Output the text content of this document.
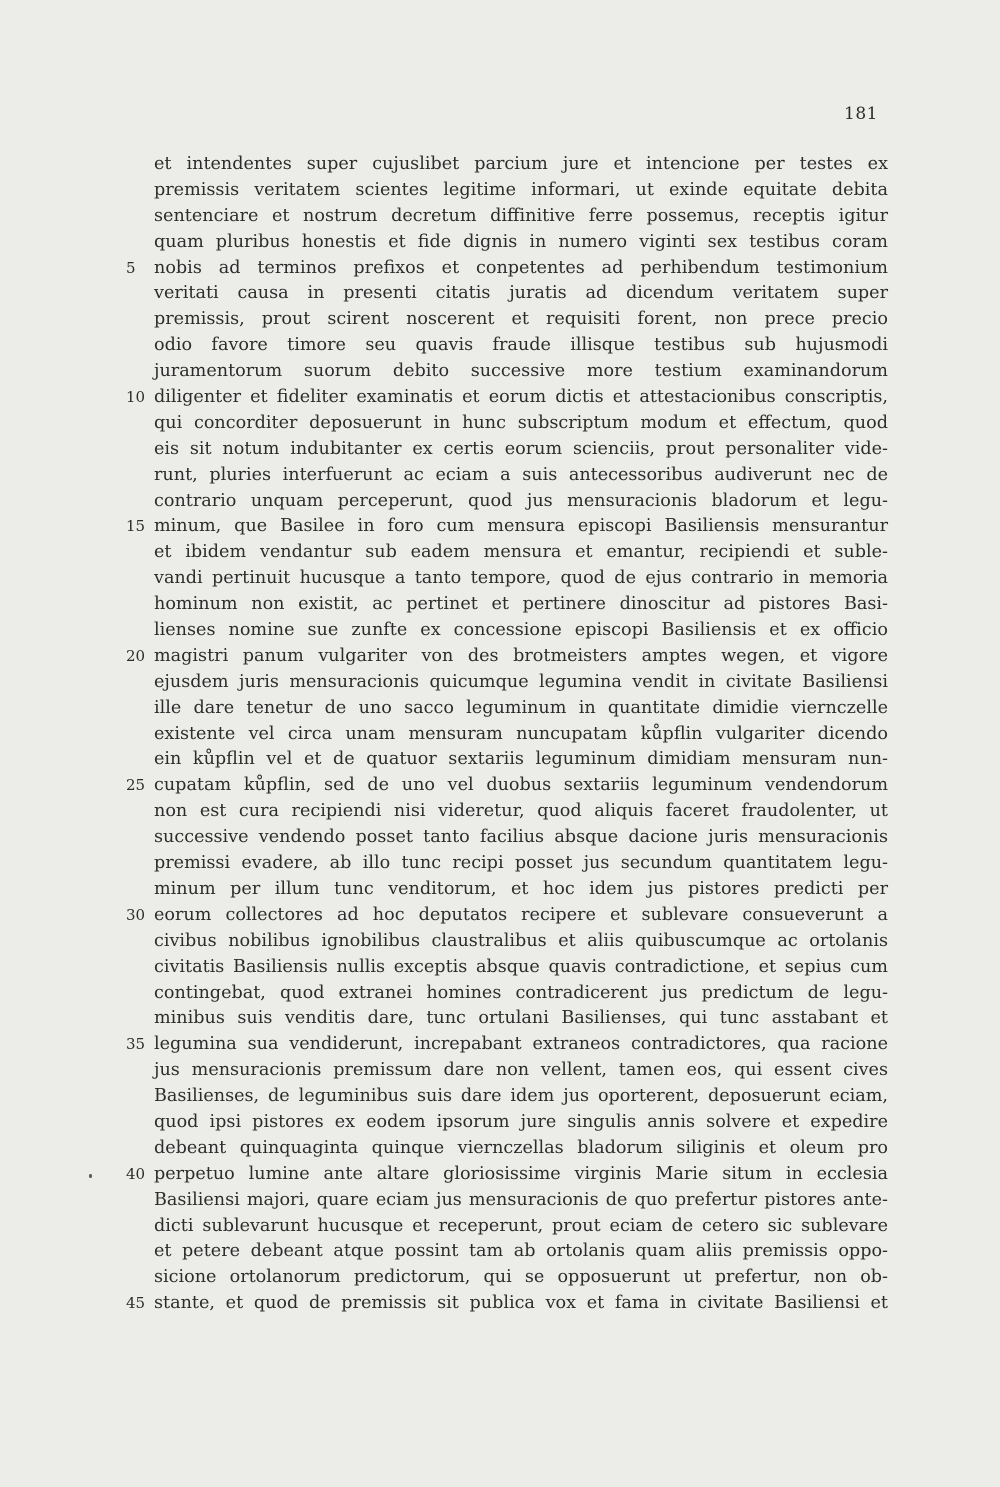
181
et intendentes super cujuslibet parcium jure et intencione per testes ex
premissis veritatem scientes legitime informari, ut exinde equitate debita
sentenciare et nostrum decretum diffinitive ferre possemus, receptis igitur
quam pluribus honestis et fide dignis in numero viginti sex testibus coram
5	nobis ad terminos prefixos et conpetentes ad perhibendum testimonium
veritati causa in presenti citatis juratis ad dicendum veritatem super
premissis, prout scirent noscerent et requisiti forent, non prece precio
odio favore timore seu quavis fraude illisque testibus sub hujusmodi
juramentorum suorum debito successive more testium examinandorum
10 diligenter et fideliter examinatis et eorum dictis et attestacionibus conscriptis,
qui concorditer deposuerunt in hunc subscriptum modum et effectum, quod
eis sit notum indubitanter ex certis eorum scienciis, prout personaliter vide-
runt, pluries interfuerunt ac eciam a suis antecessoribus audiverunt nec de
contrario unquam perceperunt, quod jus mensuracionis bladorum et legu-
15 minum, que Basilee in foro cum mensura episcopi Basiliensis mensurantur
et ibidem vendantur sub eadem mensura et emantur, recipiendi et suble-
vandi pertinuit hucusque a tanto tempore, quod de ejus contrario in memoria
hominum non existit, ac pertinet et pertinere dinoscitur ad pistores Basi-
lienses nomine sue zunfte ex concessione episcopi Basiliensis et ex officio
20 magistri panum vulgariter von des brotmeisters amptes wegen, et vigore
ejusdem juris mensuracionis quicumque legumina vendit in civitate Basiliensi
ille dare tenetur de uno sacco leguminum in quantitate dimidie viernczelle
existente vel circa unam mensuram nuncupatam kůpflin vulgariter dicendo
ein kůpflin vel et de quatuor sextariis leguminum dimidiam mensuram nun-
25 cupatam kůpflin, sed de uno vel duobus sextariis leguminum vendendorum
non est cura recipiendi nisi videretur, quod aliquis faceret fraudolenter, ut
successive vendendo posset tanto facilius absque dacione juris mensuracionis
premissi evadere, ab illo tunc recipi posset jus secundum quantitatem legu-
minum per illum tunc venditorum, et hoc idem jus pistores predicti per
30 eorum collectores ad hoc deputatos recipere et sublevare consueverunt a
civibus nobilibus ignobilibus claustralibus et aliis quibuscumque ac ortolanis
civitatis Basiliensis nullis exceptis absque quavis contradictione, et sepius cum
contingebat, quod extranei homines contradicerent jus predictum de legu-
minibus suis venditis dare, tunc ortulani Basilienses, qui tunc asstabant et
35 legumina sua vendiderunt, increpabant extraneos contradictores, qua racione
jus mensuracionis premissum dare non vellent, tamen eos, qui essent cives
Basilienses, de leguminibus suis dare idem jus oporterent, deposuerunt eciam,
quod ipsi pistores ex eodem ipsorum jure singulis annis solvere et expedire
debeant quinquaginta quinque viernczellas bladorum siliginis et oleum pro
40 perpetuo lumine ante altare gloriosissime virginis Marie situm in ecclesia
Basiliensi majori, quare eciam jus mensuracionis de quo prefertur pistores ante-
dicti sublevarunt hucusque et receperunt, prout eciam de cetero sic sublevare
et petere debeant atque possint tam ab ortolanis quam aliis premissis oppo-
sicione ortolanorum predictorum, qui se opposuerunt ut prefertur, non ob-
45 stante, et quod de premissis sit publica vox et fama in civitate Basiliensi et
